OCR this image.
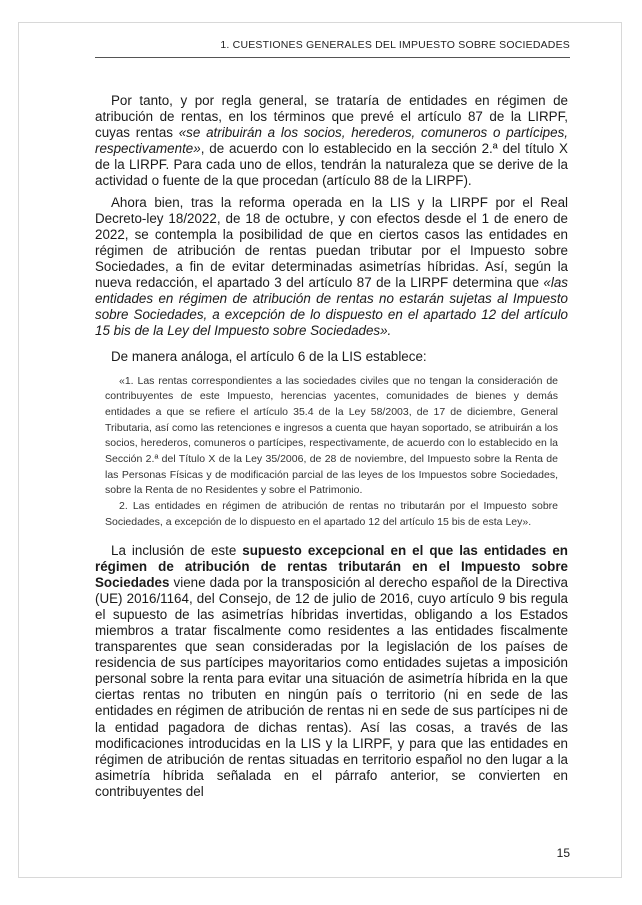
1. CUESTIONES GENERALES DEL IMPUESTO SOBRE SOCIEDADES

Por tanto, y por regla general, se trataría de entidades en régimen de atribución de rentas, en los términos que prevé el artículo 87 de la LIRPF, cuyas rentas «se atribuirán a los socios, herederos, comuneros o partícipes, respectivamente», de acuerdo con lo establecido en la sección 2.ª del título X de la LIRPF. Para cada uno de ellos, tendrán la naturaleza que se derive de la actividad o fuente de la que procedan (artículo 88 de la LIRPF).

Ahora bien, tras la reforma operada en la LIS y la LIRPF por el Real Decreto-ley 18/2022, de 18 de octubre, y con efectos desde el 1 de enero de 2022, se contempla la posibilidad de que en ciertos casos las entidades en régimen de atribución de rentas puedan tributar por el Impuesto sobre Sociedades, a fin de evitar determinadas asimetrías híbridas. Así, según la nueva redacción, el apartado 3 del artículo 87 de la LIRPF determina que «las entidades en régimen de atribución de rentas no estarán sujetas al Impuesto sobre Sociedades, a excepción de lo dispuesto en el apartado 12 del artículo 15 bis de la Ley del Impuesto sobre Sociedades».

De manera análoga, el artículo 6 de la LIS establece:

«1. Las rentas correspondientes a las sociedades civiles que no tengan la consideración de contribuyentes de este Impuesto, herencias yacentes, comunidades de bienes y demás entidades a que se refiere el artículo 35.4 de la Ley 58/2003, de 17 de diciembre, General Tributaria, así como las retenciones e ingresos a cuenta que hayan soportado, se atribuirán a los socios, herederos, comuneros o partícipes, respectivamente, de acuerdo con lo establecido en la Sección 2.ª del Título X de la Ley 35/2006, de 28 de noviembre, del Impuesto sobre la Renta de las Personas Físicas y de modificación parcial de las leyes de los Impuestos sobre Sociedades, sobre la Renta de no Residentes y sobre el Patrimonio.

2. Las entidades en régimen de atribución de rentas no tributarán por el Impuesto sobre Sociedades, a excepción de lo dispuesto en el apartado 12 del artículo 15 bis de esta Ley».

La inclusión de este supuesto excepcional en el que las entidades en régimen de atribución de rentas tributarán en el Impuesto sobre Sociedades viene dada por la transposición al derecho español de la Directiva (UE) 2016/1164, del Consejo, de 12 de julio de 2016, cuyo artículo 9 bis regula el supuesto de las asimetrías híbridas invertidas, obligando a los Estados miembros a tratar fiscalmente como residentes a las entidades fiscalmente transparentes que sean consideradas por la legislación de los países de residencia de sus partícipes mayoritarios como entidades sujetas a imposición personal sobre la renta para evitar una situación de asimetría híbrida en la que ciertas rentas no tributen en ningún país o territorio (ni en sede de las entidades en régimen de atribución de rentas ni en sede de sus partícipes ni de la entidad pagadora de dichas rentas). Así las cosas, a través de las modificaciones introducidas en la LIS y la LIRPF, y para que las entidades en régimen de atribución de rentas situadas en territorio español no den lugar a la asimetría híbrida señalada en el párrafo anterior, se convierten en contribuyentes del

15
